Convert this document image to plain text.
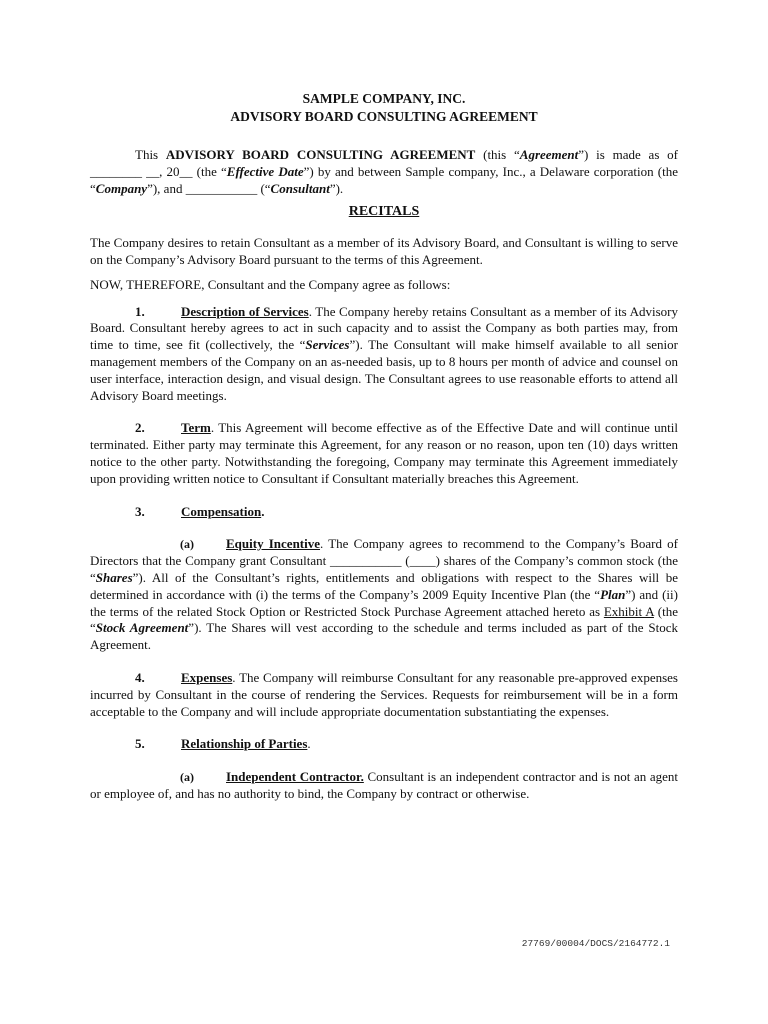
SAMPLE COMPANY, INC.
ADVISORY BOARD CONSULTING AGREEMENT

This ADVISORY BOARD CONSULTING AGREEMENT (this “Agreement”) is made as of ________ __, 20__ (the “Effective Date”) by and between Sample company, Inc., a Delaware corporation (the “Company”), and ___________ (“Consultant”).

RECITALS

The Company desires to retain Consultant as a member of its Advisory Board, and Consultant is willing to serve on the Company’s Advisory Board pursuant to the terms of this Agreement.

NOW, THEREFORE, Consultant and the Company agree as follows:

1.	Description of Services. The Company hereby retains Consultant as a member of its Advisory Board. Consultant hereby agrees to act in such capacity and to assist the Company as both parties may, from time to time, see fit (collectively, the “Services”). The Consultant will make himself available to all senior management members of the Company on an as-needed basis, up to 8 hours per month of advice and counsel on user interface, interaction design, and visual design. The Consultant agrees to use reasonable efforts to attend all Advisory Board meetings.

2.	Term. This Agreement will become effective as of the Effective Date and will continue until terminated. Either party may terminate this Agreement, for any reason or no reason, upon ten (10) days written notice to the other party. Notwithstanding the foregoing, Company may terminate this Agreement immediately upon providing written notice to Consultant if Consultant materially breaches this Agreement.

3.	Compensation.

(a) Equity Incentive. The Company agrees to recommend to the Company’s Board of Directors that the Company grant Consultant ___________ (____) shares of the Company’s common stock (the “Shares”). All of the Consultant’s rights, entitlements and obligations with respect to the Shares will be determined in accordance with (i) the terms of the Company’s 2009 Equity Incentive Plan (the “Plan”) and (ii) the terms of the related Stock Option or Restricted Stock Purchase Agreement attached hereto as Exhibit A (the “Stock Agreement”). The Shares will vest according to the schedule and terms included as part of the Stock Agreement.

4.	Expenses. The Company will reimburse Consultant for any reasonable pre-approved expenses incurred by Consultant in the course of rendering the Services. Requests for reimbursement will be in a form acceptable to the Company and will include appropriate documentation substantiating the expenses.

5.	Relationship of Parties.

(a) Independent Contractor. Consultant is an independent contractor and is not an agent or employee of, and has no authority to bind, the Company by contract or otherwise.

27769/00004/DOCS/2164772.1
